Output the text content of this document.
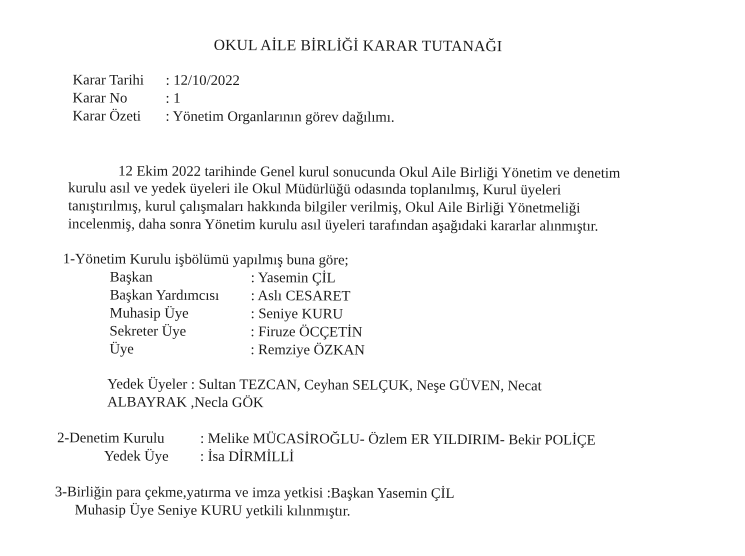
OKUL AİLE BİRLİĞİ KARAR TUTANAĞI
Karar Tarihi : 12/10/2022
Karar No	: 1
Karar Özeti : Yönetim Organlarının görev dağılımı.
12 Ekim 2022 tarihinde Genel kurul sonucunda Okul Aile Birliği Yönetim ve denetim
kurulu asıl ve yedek üyeleri ile Okul Müdürlüğü odasında toplanılmış, Kurul üyeleri
tanıştırılmış, kurul çalışmaları hakkında bilgiler verilmiş, Okul Aile Birliği Yönetmeliği
incelenmiş, daha sonra Yönetim kurulu asıl üyeleri tarafından aşağıdaki kararlar alınmıştır.
1-Yönetim Kurulu işbölümü yapılmış buna göre;
Başkan	: Yasemin ÇİL
Başkan Yardımcısı : Aslı CESARET
Muhasip Üye	: Seniye KURU
Sekreter Üye	: Firuze ÖCÇETİN
Üye	: Remziye ÖZKAN
Yedek Üyeler : Sultan TEZCAN, Ceyhan SELÇUK, Neşe GÜVEN, Necat
ALBAYRAK ,Necla GÖK
2-Denetim Kurulu : Melike MÜCASİROĞLU- Özlem ER YILDIRIM- Bekir POLİÇE
Yedek Üye : İsa DİRMİLLİ
3-Birliğin para çekme,yatırma ve imza yetkisi :Başkan Yasemin ÇİL
Muhasip Üye Seniye KURU yetkili kılınmıştır.
